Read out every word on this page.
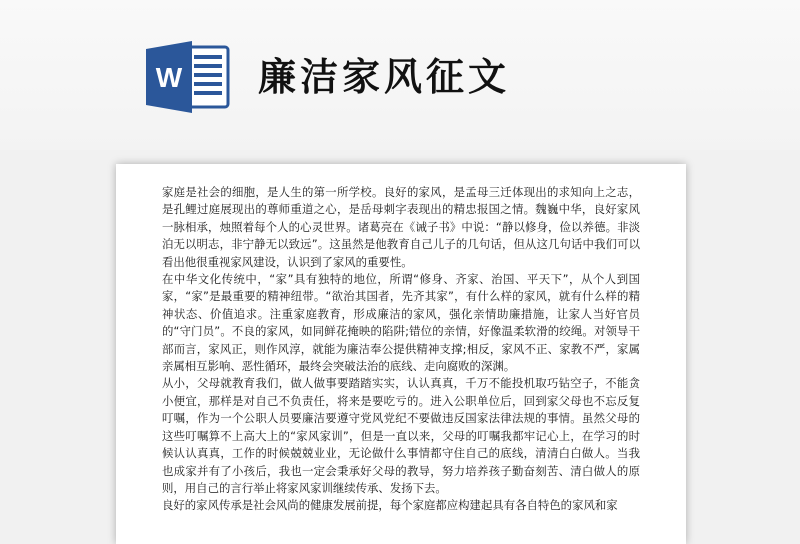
W 廉洁家风征文

家庭是社会的细胞，是人生的第一所学校。良好的家风，是孟母三迁体现出的求知向上之志，是孔鲤过庭展现出的尊师重道之心，是岳母刺字表现出的精忠报国之情。魏巍中华，良好家风一脉相承，烛照着每个人的心灵世界。诸葛亮在《诫子书》中说：“静以修身，俭以养德。非淡泊无以明志，非宁静无以致远”。这虽然是他教育自己儿子的几句话，但从这几句话中我们可以看出他很重视家风建设，认识到了家风的重要性。

在中华文化传统中，“家”具有独特的地位，所谓“修身、齐家、治国、平天下”，从个人到国家，“家”是最重要的精神纽带。“欲治其国者，先齐其家”，有什么样的家风，就有什么样的精神状态、价值追求。注重家庭教育，形成廉洁的家风，强化亲情助廉措施，让家人当好官员的“守门员”。不良的家风，如同鲜花掩映的陷阱;错位的亲情，好像温柔软滑的绞绳。对领导干部而言，家风正，则作风淳，就能为廉洁奉公提供精神支撑;相反，家风不正、家教不严，家属亲属相互影响、恶性循环，最终会突破法治的底线、走向腐败的深渊。

从小，父母就教育我们，做人做事要踏踏实实，认认真真，千万不能投机取巧钻空子，不能贪小便宜，那样是对自己不负责任，将来是要吃亏的。进入公职单位后，回到家父母也不忘反复叮嘱，作为一个公职人员要廉洁要遵守党风党纪不要做违反国家法律法规的事情。虽然父母的这些叮嘱算不上高大上的“家风家训”，但是一直以来，父母的叮嘱我都牢记心上，在学习的时候认认真真，工作的时候兢兢业业，无论做什么事情都守住自己的底线，清清白白做人。当我也成家并有了小孩后，我也一定会秉承好父母的教导，努力培养孩子勤奋刻苦、清白做人的原则，用自己的言行举止将家风家训继续传承、发扬下去。

良好的家风传承是社会风尚的健康发展前提，每个家庭都应构建起具有各自特色的家风和家
